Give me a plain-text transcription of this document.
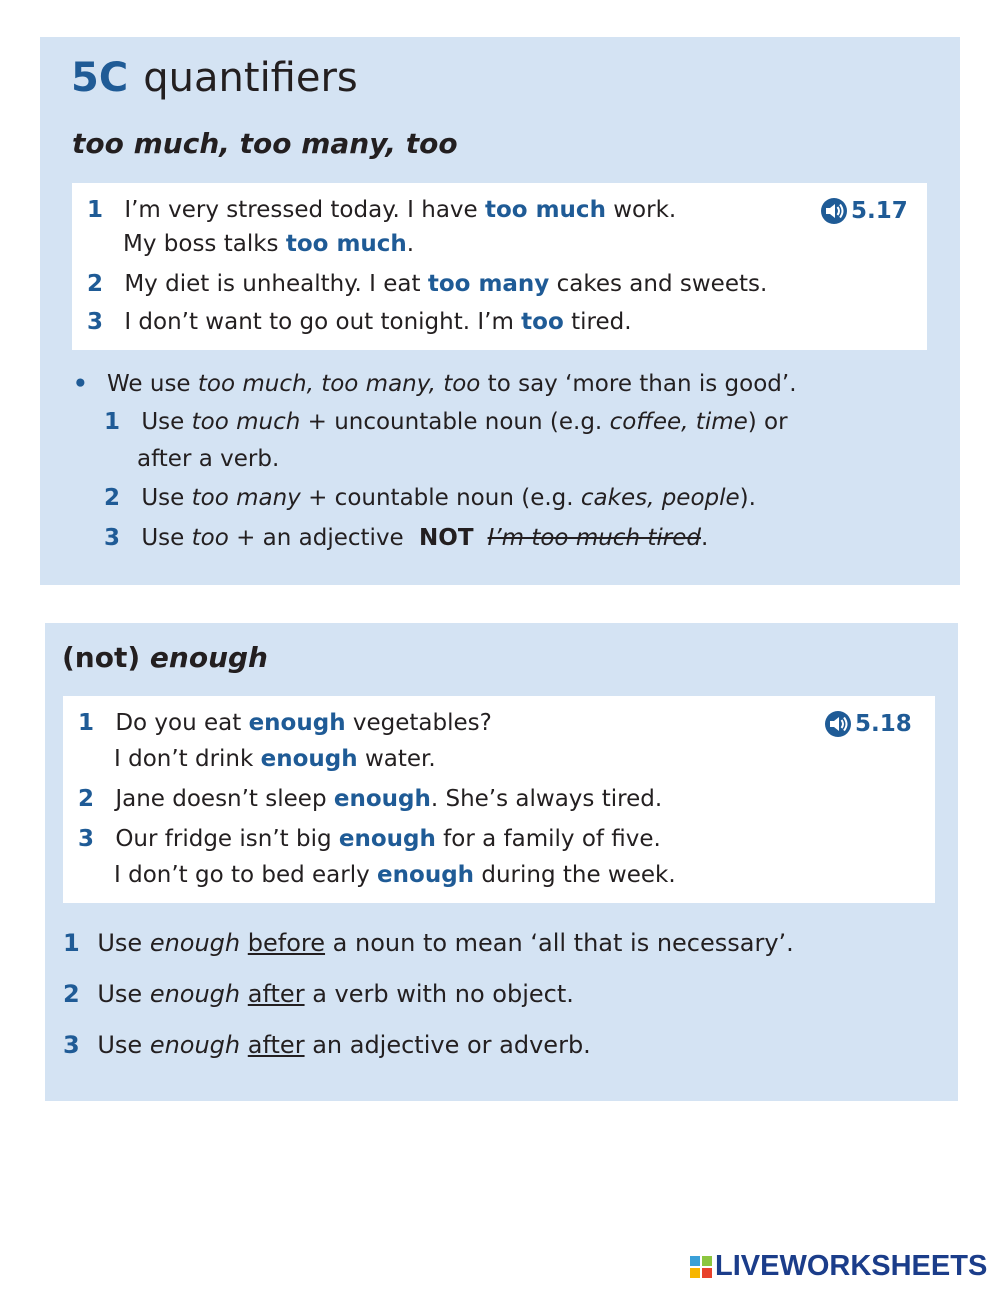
5C quantifiers
too much, too many, too
1 I’m very stressed today. I have too much work.	5.17
My boss talks too much.
2 My diet is unhealthy. I eat too many cakes and sweets.
3 I don’t want to go out tonight. I’m too tired.
• We use too much, too many, too to say ‘more than is good’.
1 Use too much + uncountable noun (e.g. coffee, time) or
after a verb.
2 Use too many + countable noun (e.g. cakes, people).
3 Use too + an adjective NOT I’m too much tired.
(not) enough
1 Do you eat enough vegetables?	5.18
I don’t drink enough water.
2 Jane doesn’t sleep enough. She’s always tired.
3 Our fridge isn’t big enough for a family of five.
I don’t go to bed early enough during the week.
1 Use enough before a noun to mean ‘all that is necessary’.
2 Use enough after a verb with no object.
3 Use enough after an adjective or adverb.
LIVEWORKSHEETS
